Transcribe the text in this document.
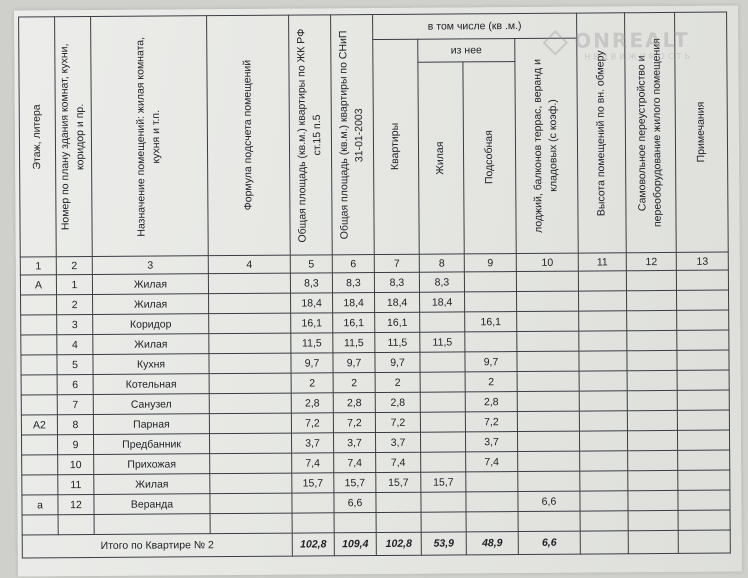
Этаж, литера	Номер по плану здания комнат, кухни, коридор и пр.	Назначение помещений: жилая комната, кухня и т.п.	Формула подсчета помещений	Общая площадь (кв.м.) квартиры по ЖК РФ ст.15 п.5	Общая площадь (кв.м.) квартиры по СНиП 31-01-2003	в том числе (кв .м.)				Высота помещений по вн. обмеру	Самовольное переустройство и переоборудование жилого помещения	Примечания

						Квартиры	из нее		лоджий, балконов террас, веранд и кладовых (с коэф.)			

							Жилая	Подсобная				

1	2	3	4	5	6	7	8	9	10	11	12	13
А	1	Жилая		8,3	8,3	8,3	8,3					
	2	Жилая		18,4	18,4	18,4	18,4					
	3	Коридор		16,1	16,1	16,1		16,1				
	4	Жилая		11,5	11,5	11,5	11,5					
	5	Кухня		9,7	9,7	9,7		9,7				
	6	Котельная		2	2	2		2				
	7	Санузел		2,8	2,8	2,8		2,8				
А2	8	Парная		7,2	7,2	7,2		7,2				
	9	Предбанник		3,7	3,7	3,7		3,7				
	10	Прихожая		7,4	7,4	7,4		7,4				
	11	Жилая		15,7	15,7	15,7	15,7					
а	12	Веранда			6,6				6,6			

Итого по Квартире № 2				102,8	109,4	102,8	53,9	48,9	6,6			
ONREALT
НЕДВИЖИМОСТЬ
